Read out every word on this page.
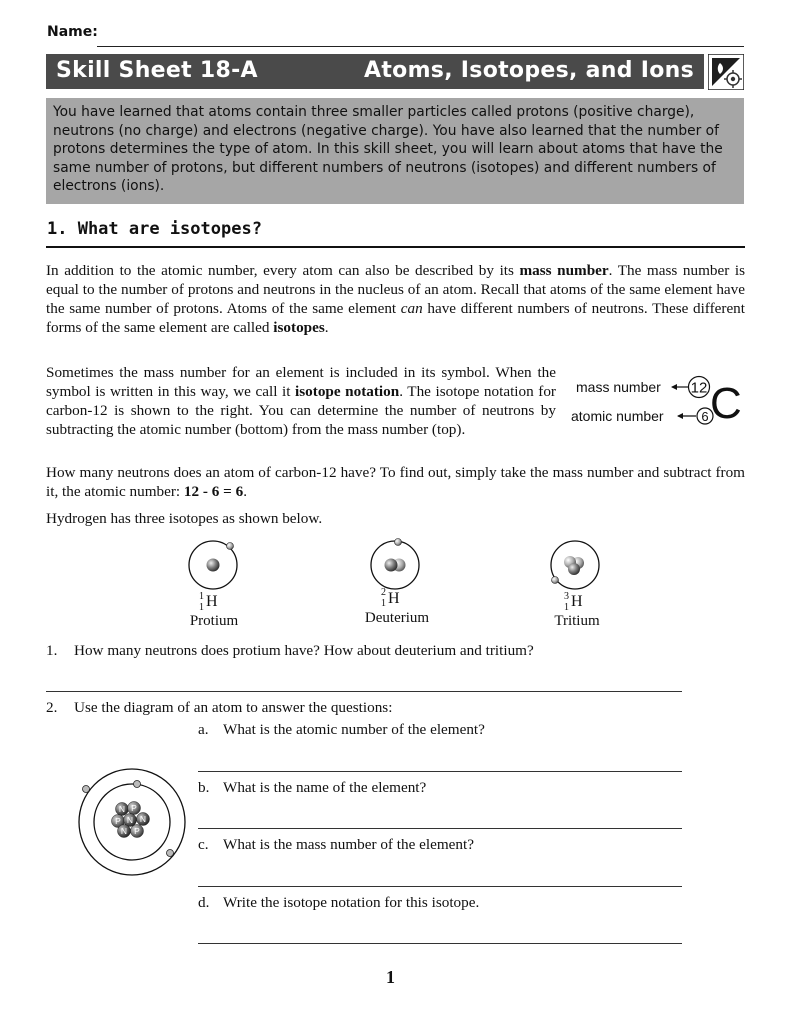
Name:
Skill Sheet 18-A	Atoms, Isotopes, and Ions
You have learned that atoms contain three smaller particles called protons (positive charge), neutrons (no charge) and electrons (negative charge). You have also learned that the number of protons determines the type of atom. In this skill sheet, you will learn about atoms that have the same number of protons, but different numbers of neutrons (isotopes) and different numbers of electrons (ions).
1. What are isotopes?
In addition to the atomic number, every atom can also be described by its mass number. The mass number is equal to the number of protons and neutrons in the nucleus of an atom. Recall that atoms of the same element have the same number of protons. Atoms of the same element can have different numbers of neutrons. These different forms of the same element are called isotopes.
Sometimes the mass number for an element is included in its symbol. When the symbol is written in this way, we call it isotope notation. The isotope notation for carbon-12 is shown to the right. You can determine the number of neutrons by subtracting the atomic number (bottom) from the mass number (top).
mass number 12
atomic number	6 C
How many neutrons does an atom of carbon-12 have? To find out, simply take the mass number and subtract from it, the atomic number: 12 - 6 = 6.
Hydrogen has three isotopes as shown below.
1
1 H
Protium
2
1 H
Deuterium
3
1 H
Tritium
1. How many neutrons does protium have? How about deuterium and tritium?
2. Use the diagram of an atom to answer the questions:
a. What is the atomic number of the element?
b. What is the name of the element?
c. What is the mass number of the element?
d. Write the isotope notation for this isotope.
N P
P N N
N P
1
